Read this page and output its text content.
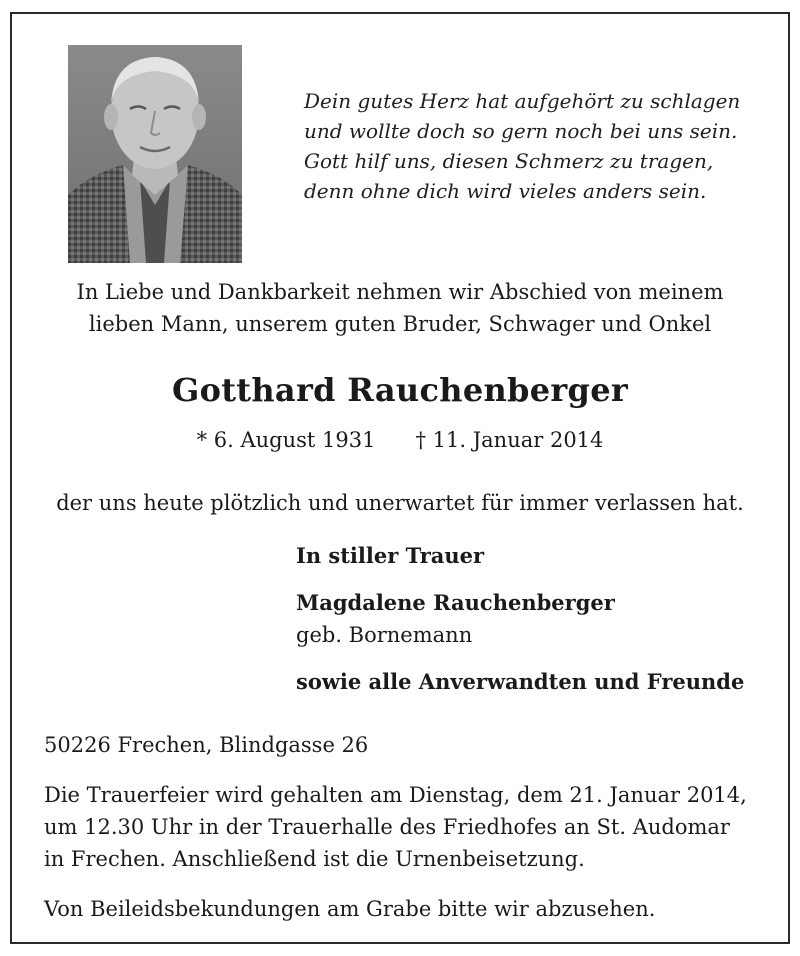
Dein gutes Herz hat aufgehört zu schlagen
und wollte doch so gern noch bei uns sein.
Gott hilf uns, diesen Schmerz zu tragen,
denn ohne dich wird vieles anders sein.
In Liebe und Dankbarkeit nehmen wir Abschied von meinem
lieben Mann, unserem guten Bruder, Schwager und Onkel
Gotthard Rauchenberger
* 6. August 1931 † 11. Januar 2014
der uns heute plötzlich und unerwartet für immer verlassen hat.
In stiller Trauer
Magdalene Rauchenberger
geb. Bornemann
sowie alle Anverwandten und Freunde
50226 Frechen, Blindgasse 26
Die Trauerfeier wird gehalten am Dienstag, dem 21. Januar 2014,
um 12.30 Uhr in der Trauerhalle des Friedhofes an St. Audomar
in Frechen. Anschließend ist die Urnenbeisetzung.
Von Beileidsbekundungen am Grabe bitte wir abzusehen.
